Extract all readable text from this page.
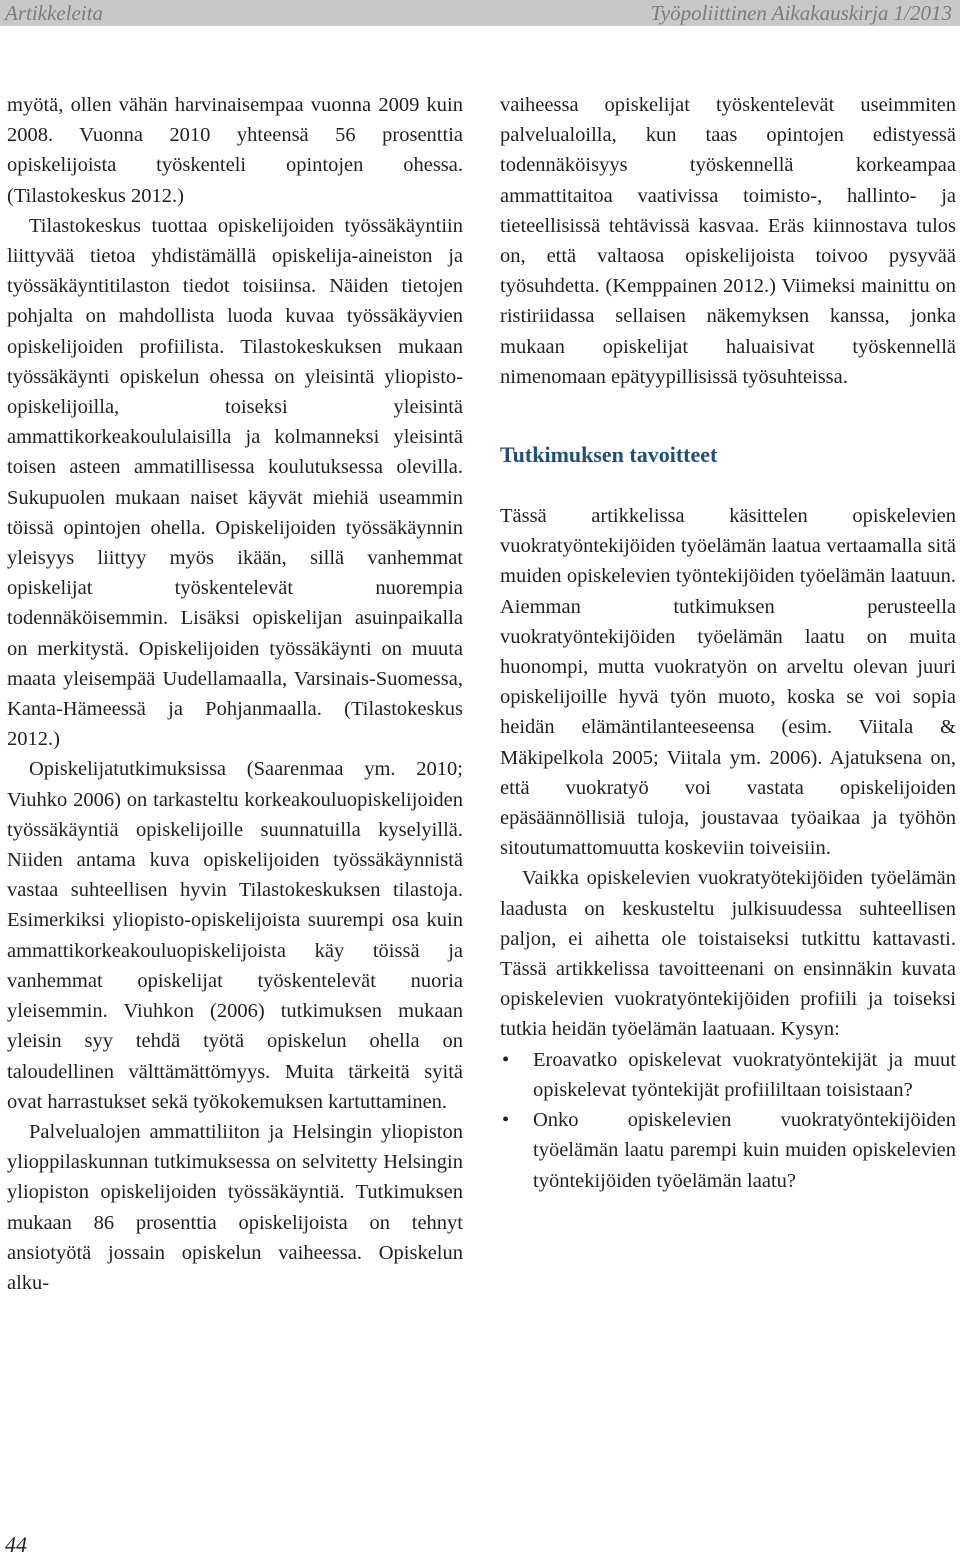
Artikkeleita	Työpoliittinen Aikakauskirja 1/2013

myötä, ollen vähän harvinaisempaa vuonna 2009 kuin 2008. Vuonna 2010 yhteensä 56 prosenttia opiskelijoista työskenteli opintojen ohessa. (Tilastokeskus 2012.)

Tilastokeskus tuottaa opiskelijoiden työssäkäyntiin liittyvää tietoa yhdistämällä opiskelija-aineiston ja työssäkäyntitilaston tiedot toisiinsa. Näiden tietojen pohjalta on mahdollista luoda kuvaa työssäkäyvien opiskelijoiden profiilista. Tilastokeskuksen mukaan työssäkäynti opiskelun ohessa on yleisintä yliopisto-opiskelijoilla, toiseksi yleisintä ammattikorkeakoululaisilla ja kolmanneksi yleisintä toisen asteen ammatillisessa koulutuksessa olevilla. Sukupuolen mukaan naiset käyvät miehiä useammin töissä opintojen ohella. Opiskelijoiden työssäkäynnin yleisyys liittyy myös ikään, sillä vanhemmat opiskelijat työskentelevät nuorempia todennäköisemmin. Lisäksi opiskelijan asuinpaikalla on merkitystä. Opiskelijoiden työssäkäynti on muuta maata yleisempää Uudellamaalla, Varsinais-Suomessa, Kanta-Hämeessä ja Pohjanmaalla. (Tilastokeskus 2012.)

Opiskelijatutkimuksissa (Saarenmaa ym. 2010; Viuhko 2006) on tarkasteltu korkeakouluopiskelijoiden työssäkäyntiä opiskelijoille suunnatuilla kyselyillä. Niiden antama kuva opiskelijoiden työssäkäynnistä vastaa suhteellisen hyvin Tilastokeskuksen tilastoja. Esimerkiksi yliopisto-opiskelijoista suurempi osa kuin ammattikorkeakouluopiskelijoista käy töissä ja vanhemmat opiskelijat työskentelevät nuoria yleisemmin. Viuhkon (2006) tutkimuksen mukaan yleisin syy tehdä työtä opiskelun ohella on taloudellinen välttämättömyys. Muita tärkeitä syitä ovat harrastukset sekä työkokemuksen kartuttaminen.

Palvelualojen ammattiliiton ja Helsingin yliopiston ylioppilaskunnan tutkimuksessa on selvitetty Helsingin yliopiston opiskelijoiden työssäkäyntiä. Tutkimuksen mukaan 86 prosenttia opiskelijoista on tehnyt ansiotyötä jossain opiskelun vaiheessa. Opiskelun alku-

vaiheessa opiskelijat työskentelevät useimmiten palvelualoilla, kun taas opintojen edistyessä todennäköisyys työskennellä korkeampaa ammattitaitoa vaativissa toimisto-, hallinto- ja tieteellisissä tehtävissä kasvaa. Eräs kiinnostava tulos on, että valtaosa opiskelijoista toivoo pysyvää työsuhdetta. (Kemppainen 2012.) Viimeksi mainittu on ristiriidassa sellaisen näkemyksen kanssa, jonka mukaan opiskelijat haluaisivat työskennellä nimenomaan epätyypillisissä työsuhteissa.

Tutkimuksen tavoitteet

Tässä artikkelissa käsittelen opiskelevien vuokratyöntekijöiden työelämän laatua vertaamalla sitä muiden opiskelevien työntekijöiden työelämän laatuun. Aiemman tutkimuksen perusteella vuokratyöntekijöiden työelämän laatu on muita huonompi, mutta vuokratyön on arveltu olevan juuri opiskelijoille hyvä työn muoto, koska se voi sopia heidän elämäntilanteeseensa (esim. Viitala & Mäkipelkola 2005; Viitala ym. 2006). Ajatuksena on, että vuokratyö voi vastata opiskelijoiden epäsäännöllisiä tuloja, joustavaa työaikaa ja työhön sitoutumattomuutta koskeviin toiveisiin.

Vaikka opiskelevien vuokratyötekijöiden työelämän laadusta on keskusteltu julkisuudessa suhteellisen paljon, ei aihetta ole toistaiseksi tutkittu kattavasti. Tässä artikkelissa tavoitteenani on ensinnäkin kuvata opiskelevien vuokratyöntekijöiden profiili ja toiseksi tutkia heidän työelämän laatuaan. Kysyn:

• Eroavatko opiskelevat vuokratyöntekijät ja muut opiskelevat työntekijät profiililtaan toisistaan?
• Onko opiskelevien vuokratyöntekijöiden työelämän laatu parempi kuin muiden opiskelevien työntekijöiden työelämän laatu?
44
